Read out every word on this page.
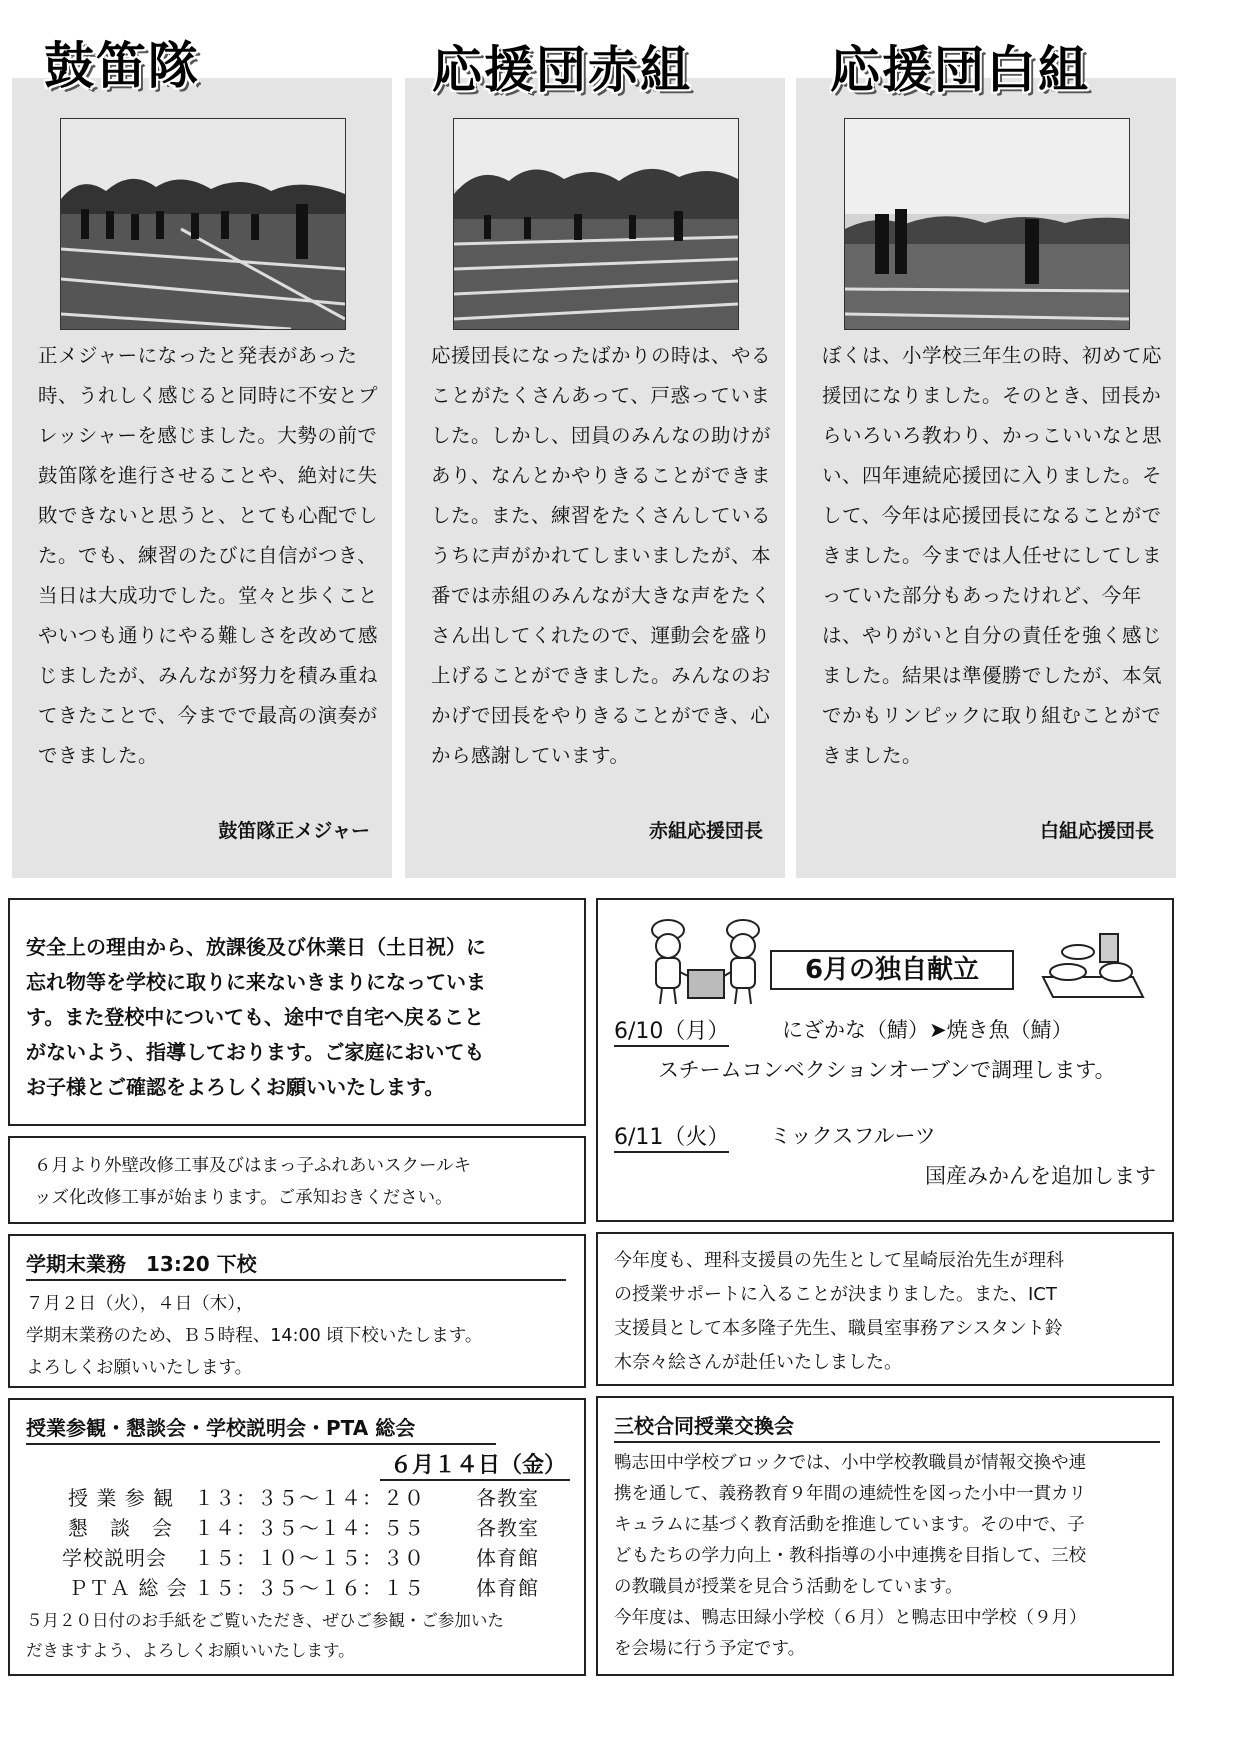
正メジャーになったと発表があった時、うれしく感じると同時に不安とプレッシャーを感じました。大勢の前で鼓笛隊を進行させることや、絶対に失敗できないと思うと、とても心配でした。でも、練習のたびに自信がつき、当日は大成功でした。堂々と歩くことやいつも通りにやる難しさを改めて感じましたが、みんなが努力を積み重ねてきたことで、今までで最高の演奏ができました。
鼓笛隊正メジャー
鼓笛隊
応援団長になったばかりの時は、やることがたくさんあって、戸惑っていました。しかし、団員のみんなの助けがあり、なんとかやりきることができました。また、練習をたくさんしているうちに声がかれてしまいましたが、本番では赤組のみんなが大きな声をたくさん出してくれたので、運動会を盛り上げることができました。みんなのおかげで団長をやりきることができ、心から感謝しています。
赤組応援団長
応援団赤組
ぼくは、小学校三年生の時、初めて応援団になりました。そのとき、団長からいろいろ教わり、かっこいいなと思い、四年連続応援団に入りました。そして、今年は応援団長になることができました。今までは人任せにしてしまっていた部分もあったけれど、今年は、やりがいと自分の責任を強く感じました。結果は準優勝でしたが、本気でかもリンピックに取り組むことができました。
白組応援団長
応援団白組
安全上の理由から、放課後及び休業日（土日祝）に
忘れ物等を学校に取りに来ないきまりになっていま
す。また登校中についても、途中で自宅へ戻ること
がないよう、指導しております。ご家庭においても
お子様とご確認をよろしくお願いいたします。
６月より外壁改修工事及びはまっ子ふれあいスクールキ
ッズ化改修工事が始まります。ご承知おきください。
学期末業務　13:20 下校
７月２日（火），４日（木），
学期末業務のため、Ｂ５時程、14:00 頃下校いたします。
よろしくお願いいたします。
授業参観・懇談会・学校説明会・PTA 総会
６月１４日（金）
授 業 参 観 １３：３５～１４：２０	各教室
懇　談　会 １４：３５～１４：５５	各教室
学校説明会 １５：１０～１５：３０	体育館
ＰＴＡ 総 会 １５：３５～１６：１５	体育館
５月２０日付のお手紙をご覧いただき、ぜひご参観・ご参加いた
だきますよう、よろしくお願いいたします。
6月の独自献立
6/10（月）	にざかな（鯖）➤焼き魚（鯖）
スチームコンベクションオーブンで調理します。
6/11（火） ミックスフルーツ
国産みかんを追加します
今年度も、理科支援員の先生として星崎辰治先生が理科
の授業サポートに入ることが決まりました。また、ICT
支援員として本多隆子先生、職員室事務アシスタント鈴
木奈々絵さんが赴任いたしました。
三校合同授業交換会
鴨志田中学校ブロックでは、小中学校教職員が情報交換や連
携を通して、義務教育９年間の連続性を図った小中一貫カリ
キュラムに基づく教育活動を推進しています。その中で、子
どもたちの学力向上・教科指導の小中連携を目指して、三校
の教職員が授業を見合う活動をしています。
今年度は、鴨志田緑小学校（６月）と鴨志田中学校（９月）
を会場に行う予定です。
